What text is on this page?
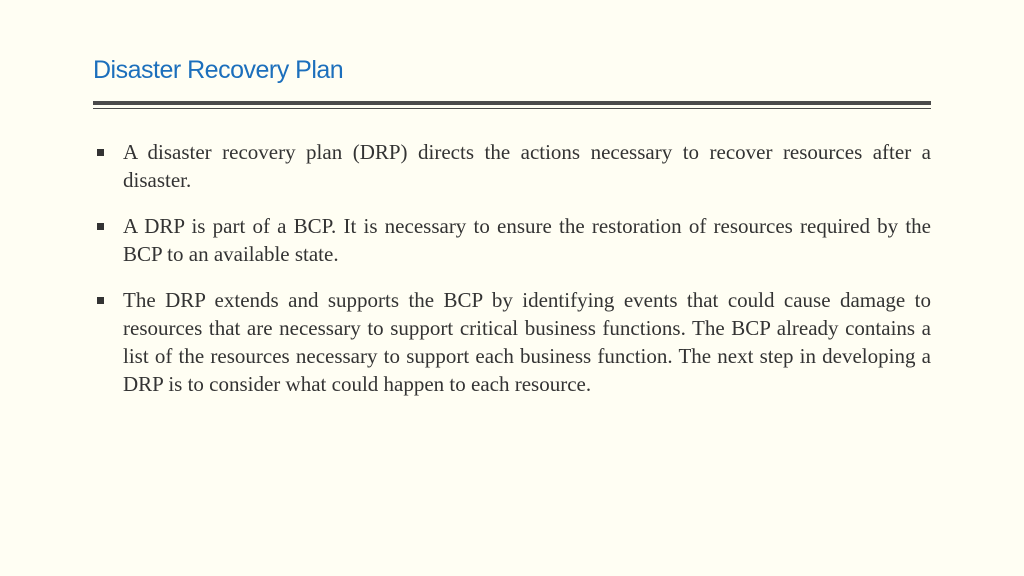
Disaster Recovery Plan
A disaster recovery plan (DRP) directs the actions necessary to recover resources after a disaster.
A DRP is part of a BCP. It is necessary to ensure the restoration of resources required by the BCP to an available state.
The DRP extends and supports the BCP by identifying events that could cause damage to resources that are necessary to support critical business functions. The BCP already contains a list of the resources necessary to support each business function. The next step in developing a DRP is to consider what could happen to each resource.
